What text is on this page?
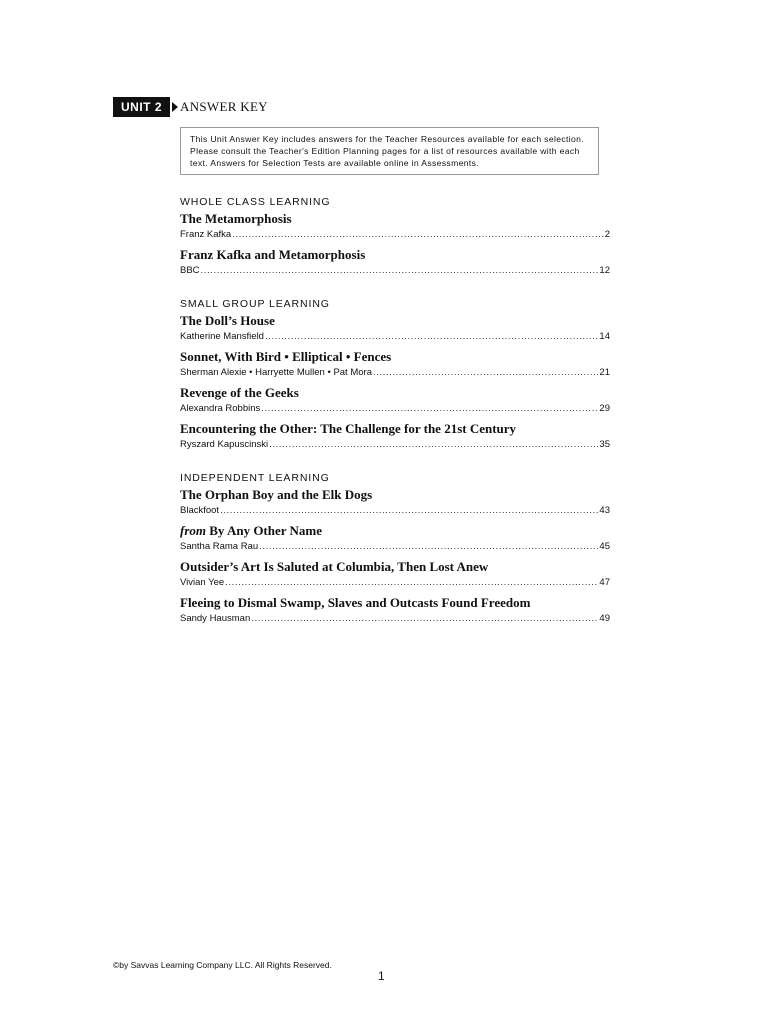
UNIT 2	ANSWER KEY
This Unit Answer Key includes answers for the Teacher Resources available for each selection. Please consult the Teacher's Edition Planning pages for a list of resources available with each text. Answers for Selection Tests are available online in Assessments.
WHOLE CLASS LEARNING
The Metamorphosis
Franz Kafka .....	2
Franz Kafka and Metamorphosis
BBC .....	12
SMALL GROUP LEARNING
The Doll’s House
Katherine Mansfield .....	14
Sonnet, With Bird • Elliptical • Fences
Sherman Alexie • Harryette Mullen • Pat Mora .....	21
Revenge of the Geeks
Alexandra Robbins .....	29
Encountering the Other: The Challenge for the 21st Century
Ryszard Kapuscinski .....	35
INDEPENDENT LEARNING
The Orphan Boy and the Elk Dogs
Blackfoot .....	43
from By Any Other Name
Santha Rama Rau .....	45
Outsider’s Art Is Saluted at Columbia, Then Lost Anew
Vivian Yee .....	47
Fleeing to Dismal Swamp, Slaves and Outcasts Found Freedom
Sandy Hausman .....	49
©by Savvas Learning Company LLC. All Rights Reserved.
1
